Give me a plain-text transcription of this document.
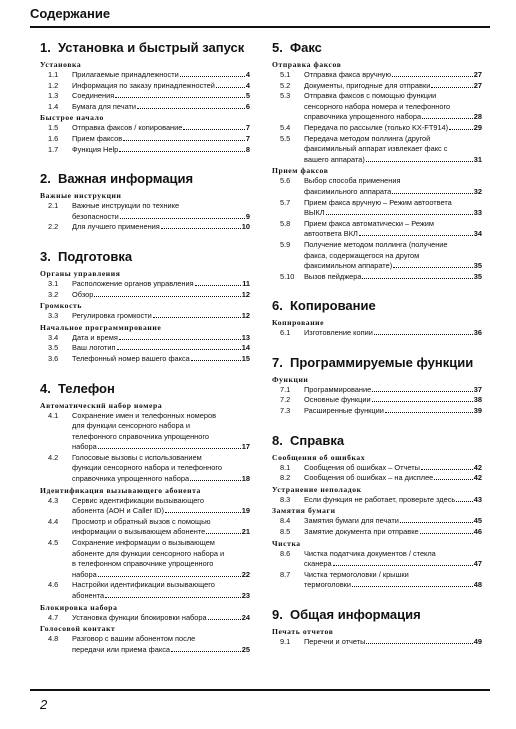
Содержание
1. Установка и быстрый запуск
Установка
1.1	Прилагаемые принадлежности	4
1.2	Информация по заказу принадлежностей	4
1.3	Соединения	5
1.4	Бумага для печати	6
Быстрое начало
1.5	Отправка факсов / копирование	7
1.6	Прием факсов	7
1.7	Функция Help	8
2. Важная информация
Важные инструкции
2.1	Важные инструкции по технике
безопасности	9
2.2	Для лучшего применения	10
3. Подготовка
Органы управления
3.1	Расположение органов управления	11
3.2	Обзор	12
Громкость
3.3	Регулировка громкости	12
Начальное программирование
3.4	Дата и время	13
3.5	Ваш логотип	14
3.6	Телефонный номер вашего факса	15
4. Телефон
Автоматический набор номера
4.1	Сохранение имен и телефонных номеров
для функции сенсорного набора и
телефонного справочника упрощенного
набора	17
4.2	Голосовые вызовы с использованием
функции сенсорного набора и телефонного
справочника упрощенного набора	18
Идентификация вызывающего абонента
4.3	Сервис идентификации вызывающего
абонента (АОН и Caller ID)	19
4.4	Просмотр и обратный вызов с помощью
информации о вызывающем абоненте	21
4.5	Сохранение информации о вызывающем
абоненте для функции сенсорного набора и
в телефонном справочнике упрощенного
набора	22
4.6	Настройки идентификации вызывающего
абонента	23
Блокировка набора
4.7	Установка функции блокировки набора	24
Голосовой контакт
4.8	Разговор с вашим абонентом после
передачи или приема факса	25
5. Факс
Отправка факсов
5.1	Отправка факса вручную	27
5.2	Документы, пригодные для отправки	27
5.3	Отправка факсов с помощью функции
сенсорного набора номера и телефонного
справочника упрощенного набора	28
5.4	Передача по рассылке (только KX-FT914)	29
5.5	Передача методом поллинга (другой
факсимильный аппарат извлекает факс с
вашего аппарата)	31
Прием факсов
5.6	Выбор способа применения
факсимильного аппарата	32
5.7	Прием факса вручную – Режим автоответа
ВЫКЛ	33
5.8	Прием факса автоматически – Режим
автоответа ВКЛ	34
5.9	Получение методом поллинга (получение
факса, содержащегося на другом
факсимильном аппарате)	35
5.10	Вызов пейджера	35
6. Копирование
Копирование
6.1	Изготовление копии	36
7. Программируемые функции
Функции
7.1	Программирование	37
7.2	Основные функции	38
7.3	Расширенные функции	39
8. Справка
Сообщения об ошибках
8.1	Сообщения об ошибках – Отчеты	42
8.2	Сообщения об ошибках – на дисплее	42
Устранение неполадок
8.3	Если функция не работает, проверьте здесь 43
Замятия бумаги
8.4	Замятия бумаги для печати	45
8.5	Замятие документа при отправке	46
Чистка
8.6	Чистка податчика документов / стекла
сканера	47
8.7	Чистка термоголовки / крышки
термоголовки	48
9. Общая информация
Печать отчетов
9.1	Перечни и отчеты	49
2
